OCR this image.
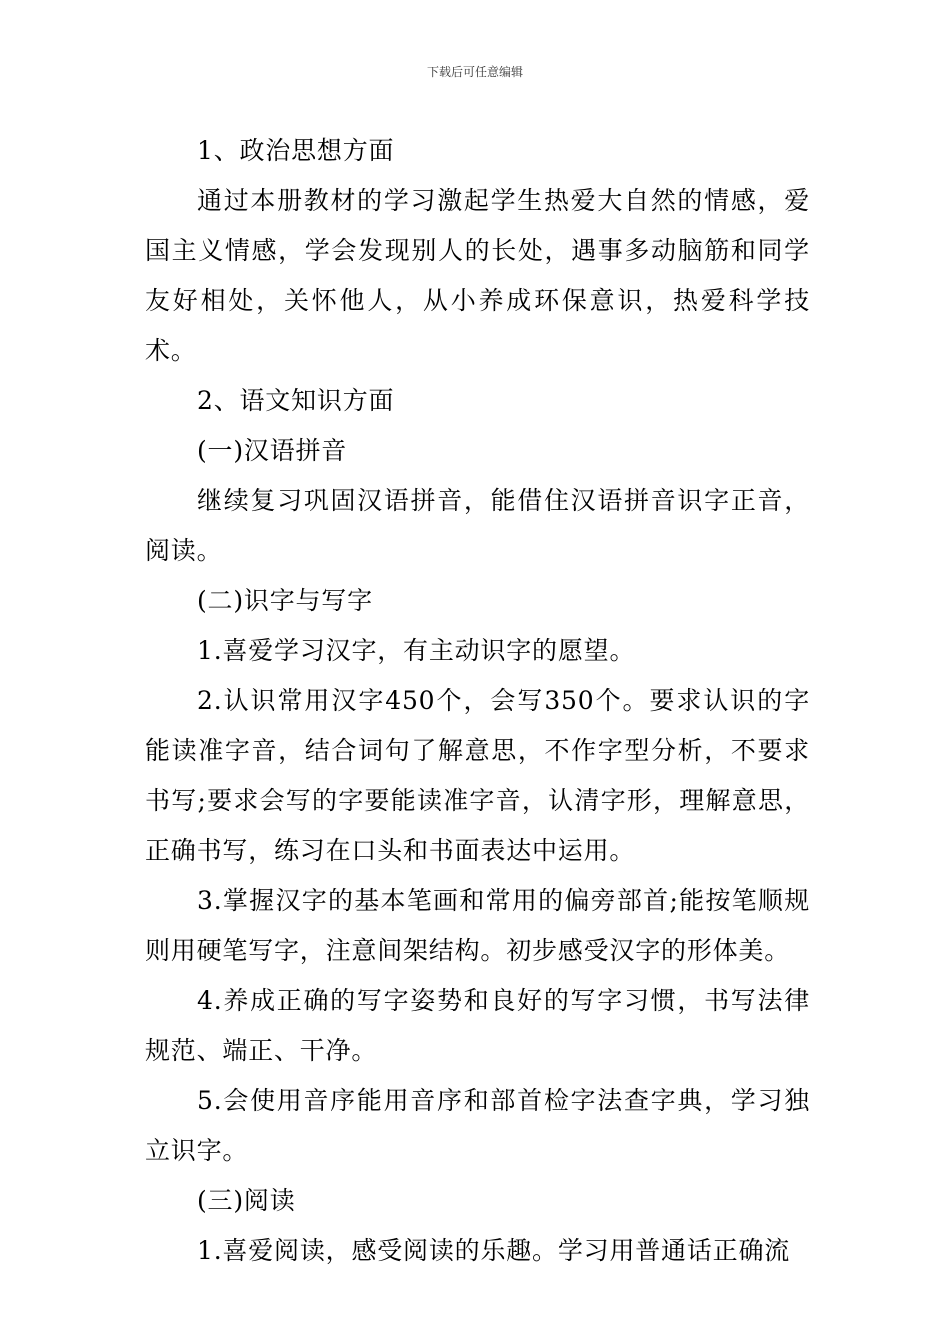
下载后可任意编辑

1、政治思想方面

通过本册教材的学习激起学生热爱大自然的情感，爱国主义情感，学会发现别人的长处，遇事多动脑筋和同学友好相处，关怀他人，从小养成环保意识，热爱科学技术。

2、语文知识方面

(一)汉语拼音

继续复习巩固汉语拼音，能借住汉语拼音识字正音，阅读。

(二)识字与写字

1.喜爱学习汉字，有主动识字的愿望。

2.认识常用汉字450个，会写350个。要求认识的字能读准字音，结合词句了解意思，不作字型分析，不要求书写;要求会写的字要能读准字音，认清字形，理解意思，正确书写，练习在口头和书面表达中运用。

3.掌握汉字的基本笔画和常用的偏旁部首;能按笔顺规则用硬笔写字，注意间架结构。初步感受汉字的形体美。

4.养成正确的写字姿势和良好的写字习惯，书写法律规范、端正、干净。

5.会使用音序能用音序和部首检字法查字典，学习独立识字。

(三)阅读

1.喜爱阅读，感受阅读的乐趣。学习用普通话正确流
